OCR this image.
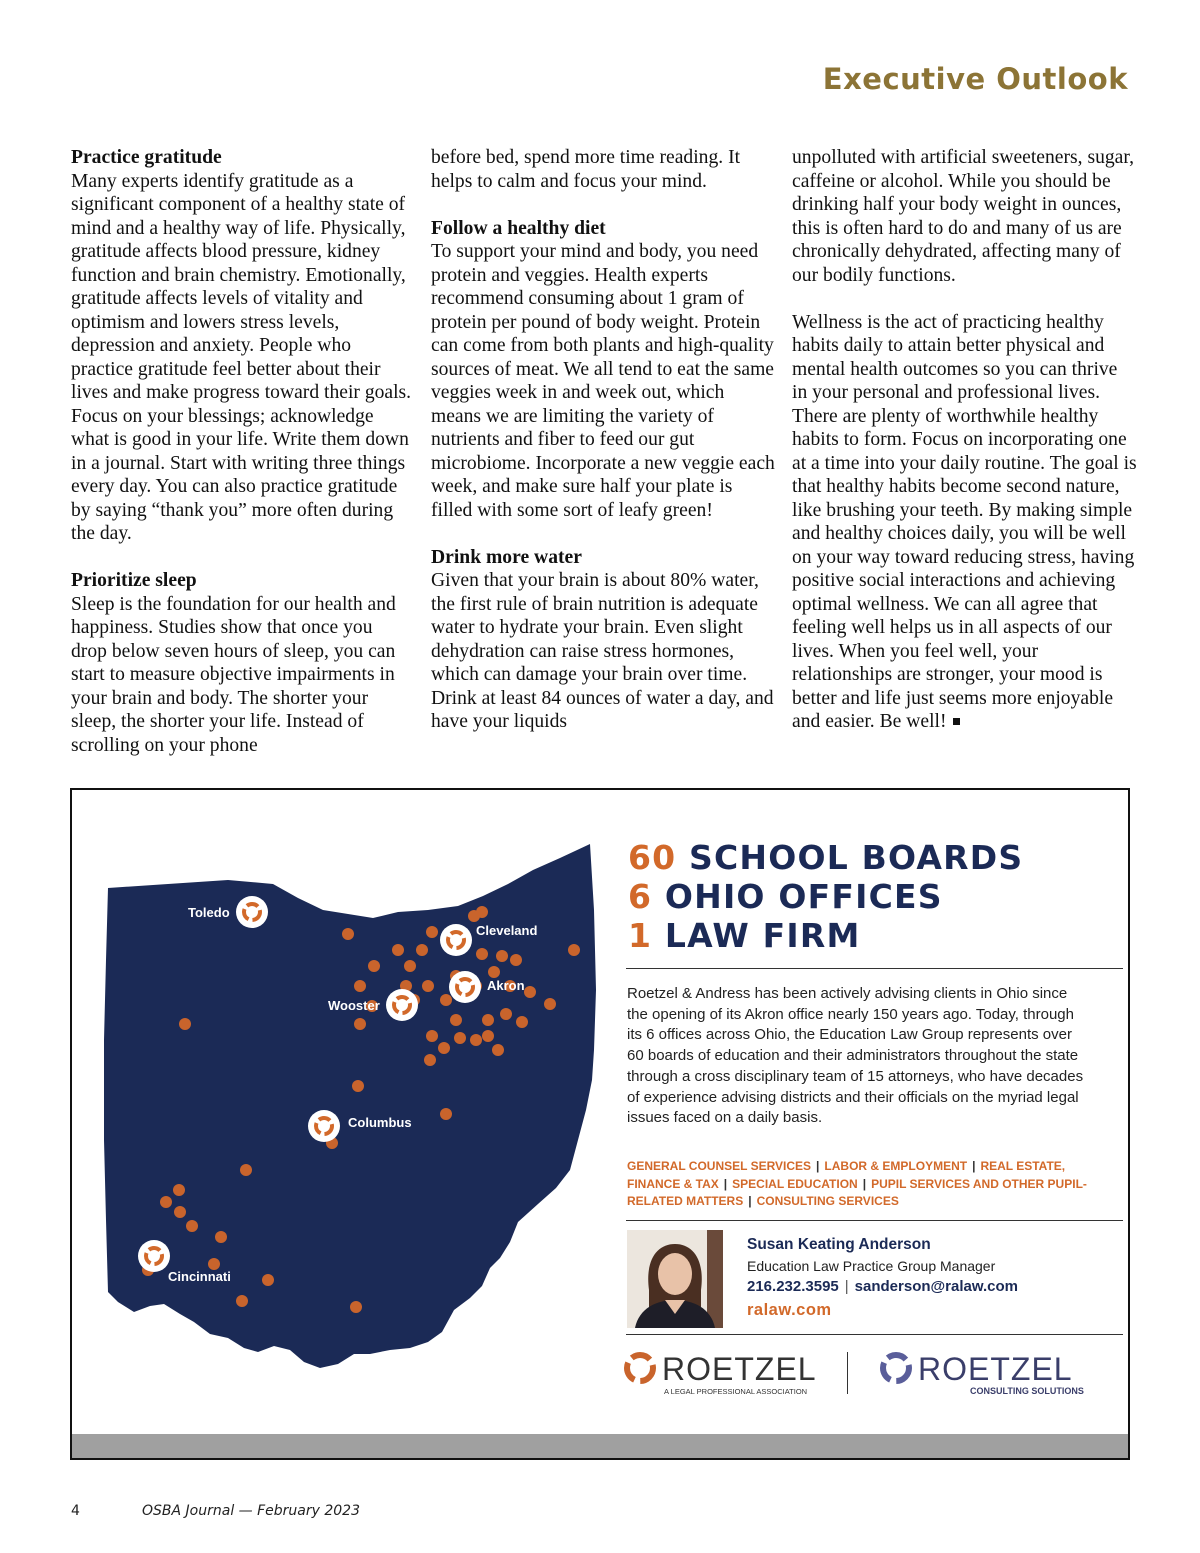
Executive Outlook
Practice gratitude

Many experts identify gratitude as a significant component of a healthy state of mind and a healthy way of life. Physically, gratitude affects blood pressure, kidney function and brain chemistry. Emotionally, gratitude affects levels of vitality and optimism and lowers stress levels, depression and anxiety. People who practice gratitude feel better about their lives and make progress toward their goals. Focus on your blessings; acknowledge what is good in your life. Write them down in a journal. Start with writing three things every day. You can also practice gratitude by saying “thank you” more often during the day.

Prioritize sleep

Sleep is the foundation for our health and happiness. Studies show that once you drop below seven hours of sleep, you can start to measure objective impairments in your brain and body. The shorter your sleep, the shorter your life. Instead of scrolling on your phone

before bed, spend more time reading. It helps to calm and focus your mind.

Follow a healthy diet

To support your mind and body, you need protein and veggies. Health experts recommend consuming about 1 gram of protein per pound of body weight. Protein can come from both plants and high-quality sources of meat. We all tend to eat the same veggies week in and week out, which means we are limiting the variety of nutrients and fiber to feed our gut microbiome. Incorporate a new veggie each week, and make sure half your plate is filled with some sort of leafy green!

Drink more water

Given that your brain is about 80% water, the first rule of brain nutrition is adequate water to hydrate your brain. Even slight dehydration can raise stress hormones, which can damage your brain over time. Drink at least 84 ounces of water a day, and have your liquids

unpolluted with artificial sweeteners, sugar, caffeine or alcohol. While you should be drinking half your body weight in ounces, this is often hard to do and many of us are chronically dehydrated, affecting many of our bodily functions.

Wellness is the act of practicing healthy habits daily to attain better physical and mental health outcomes so you can thrive in your personal and professional lives. There are plenty of worthwhile healthy habits to form. Focus on incorporating one at a time into your daily routine. The goal is that healthy habits become second nature, like brushing your teeth. By making simple and healthy choices daily, you will be well on your way toward reducing stress, having positive social interactions and achieving optimal wellness. We can all agree that feeling well helps us in all aspects of our lives. When you feel well, your relationships are stronger, your mood is better and life just seems more enjoyable and easier. Be well!

Toledo
Cleveland
Akron
Wooster
Columbus
Cincinnati
60 SCHOOL BOARDS
6 OHIO OFFICES
1 LAW FIRM
Roetzel & Andress has been actively advising clients in Ohio since the opening of its Akron office nearly 150 years ago. Today, through its 6 offices across Ohio, the Education Law Group represents over 60 boards of education and their administrators throughout the state through a cross disciplinary team of 15 attorneys, who have decades of experience advising districts and their officials on the myriad legal issues faced on a daily basis.
GENERAL COUNSEL SERVICES | LABOR & EMPLOYMENT | REAL ESTATE, FINANCE & TAX | SPECIAL EDUCATION | PUPIL SERVICES AND OTHER PUPIL-RELATED MATTERS | CONSULTING SERVICES
Susan Keating Anderson
Education Law Practice Group Manager
216.232.3595 | sanderson@ralaw.com
ralaw.com
ROETZEL
A LEGAL PROFESSIONAL ASSOCIATION
ROETZEL
CONSULTING SOLUTIONS
4	OSBA Journal — February 2023
